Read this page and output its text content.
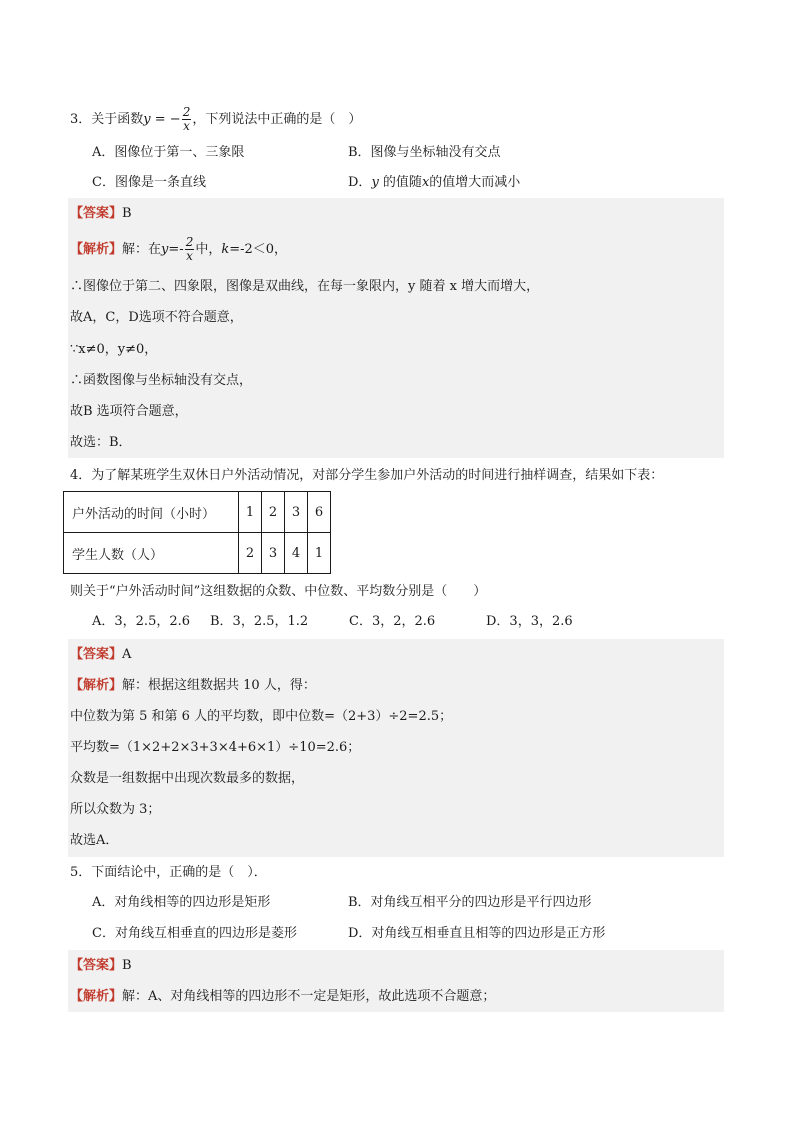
3．关于函数y = − $\frac{2}{x}$ ，下列说法中正确的是（　）
A．图像位于第一、三象限	B．图像与坐标轴没有交点
C．图像是一条直线	D．y 的值随x的值增大而减小
【答案】B
【解析】解：在$y=- \frac{2}{x}$ 中，k=-2＜0，
∴图像位于第二、四象限，图像是双曲线，在每一象限内，y 随着 x 增大而增大，
故A，C，D选项不符合题意，
∵x≠0，y≠0，
∴函数图像与坐标轴没有交点，
故B 选项符合题意，
故选：B．
4．为了解某班学生双休日户外活动情况，对部分学生参加户外活动的时间进行抽样调查，结果如下表：
户外活动的时间（小时）	1	2	3	6
学生人数（人）	2	3	4	1
则关于“户外活动时间”这组数据的众数、中位数、平均数分别是（　　）
A．3，2.5，2.6 B．3，2.5，1.2	C．3，2，2.6	D．3，3，2.6
【答案】A
【解析】解：根据这组数据共 10 人，得：
中位数为第 5 和第 6 人的平均数，即中位数=（2+3）÷2=2.5；
平均数=（1×2+2×3+3×4+6×1）÷10=2.6；
众数是一组数据中出现次数最多的数据，
所以众数为 3；
故选A．
5．下面结论中，正确的是（　）．
A．对角线相等的四边形是矩形	B．对角线互相平分的四边形是平行四边形
C．对角线互相垂直的四边形是菱形	D．对角线互相垂直且相等的四边形是正方形
【答案】B
【解析】解：A、对角线相等的四边形不一定是矩形，故此选项不合题意；
